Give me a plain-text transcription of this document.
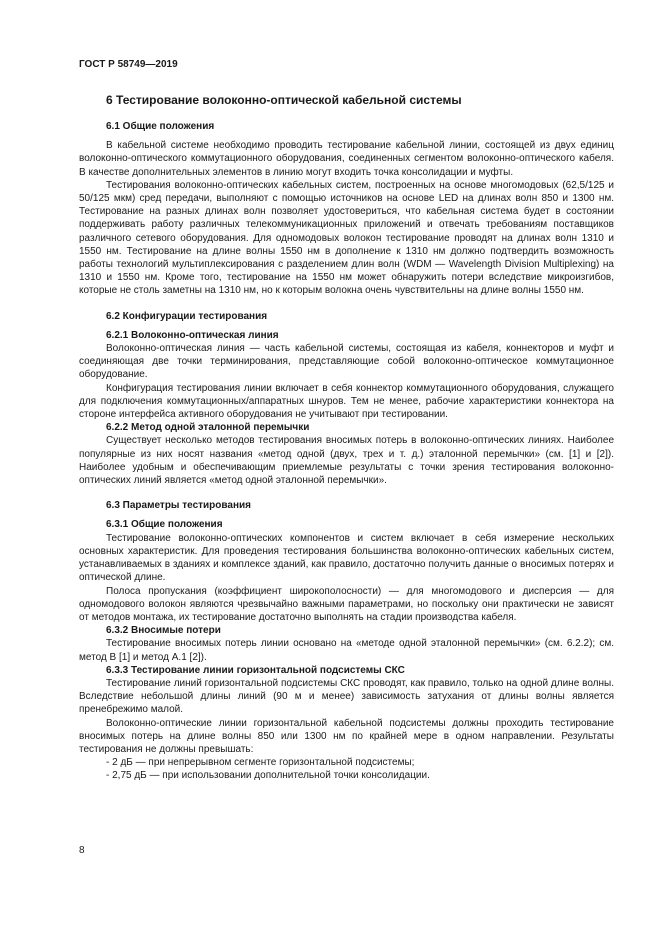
ГОСТ Р 58749—2019
6 Тестирование волоконно-оптической кабельной системы
6.1 Общие положения

В кабельной системе необходимо проводить тестирование кабельной линии, состоящей из двух единиц волоконно-оптического коммутационного оборудования, соединенных сегментом волоконно-оптического кабеля. В качестве дополнительных элементов в линию могут входить точка консолидации и муфты.

Тестирования волоконно-оптических кабельных систем, построенных на основе многомодовых (62,5/125 и 50/125 мкм) сред передачи, выполняют с помощью источников на основе LED на длинах волн 850 и 1300 нм. Тестирование на разных длинах волн позволяет удостовериться, что кабельная система будет в состоянии поддерживать работу различных телекоммуникационных приложений и отвечать требованиям поставщиков различного сетевого оборудования. Для одномодовых волокон тестирование проводят на длинах волн 1310 и 1550 нм. Тестирование на длине волны 1550 нм в дополнение к 1310 нм должно подтвердить возможность работы технологий мультиплексирования с разделением длин волн (WDM — Wavelength Division Multiplexing) на 1310 и 1550 нм. Кроме того, тестирование на 1550 нм может обнаружить потери вследствие микроизгибов, которые не столь заметны на 1310 нм, но к которым волокна очень чувствительны на длине волны 1550 нм.

6.2 Конфигурации тестирования
6.2.1 Волоконно-оптическая линия

Волоконно-оптическая линия — часть кабельной системы, состоящая из кабеля, коннекторов и муфт и соединяющая две точки терминирования, представляющие собой волоконно-оптическое коммутационное оборудование.

Конфигурация тестирования линии включает в себя коннектор коммутационного оборудования, служащего для подключения коммутационных/аппаратных шнуров. Тем не менее, рабочие характеристики коннектора на стороне интерфейса активного оборудования не учитывают при тестировании.

6.2.2 Метод одной эталонной перемычки

Существует несколько методов тестирования вносимых потерь в волоконно-оптических линиях. Наиболее популярные из них носят названия «метод одной (двух, трех и т. д.) эталонной перемычки» (см. [1] и [2]). Наиболее удобным и обеспечивающим приемлемые результаты с точки зрения тестирования волоконно-оптических линий является «метод одной эталонной перемычки».

6.3 Параметры тестирования
6.3.1 Общие положения

Тестирование волоконно-оптических компонентов и систем включает в себя измерение нескольких основных характеристик. Для проведения тестирования большинства волоконно-оптических кабельных систем, устанавливаемых в зданиях и комплексе зданий, как правило, достаточно получить данные о вносимых потерях и оптической длине.

Полоса пропускания (коэффициент широкополосности) — для многомодового и дисперсия — для одномодового волокон являются чрезвычайно важными параметрами, но поскольку они практически не зависят от методов монтажа, их тестирование достаточно выполнять на стадии производства кабеля.

6.3.2 Вносимые потери

Тестирование вносимых потерь линии основано на «методе одной эталонной перемычки» (см. 6.2.2); см. метод В [1] и метод А.1 [2]).

6.3.3 Тестирование линии горизонтальной подсистемы СКС

Тестирование линий горизонтальной подсистемы СКС проводят, как правило, только на одной длине волны. Вследствие небольшой длины линий (90 м и менее) зависимость затухания от длины волны является пренебрежимо малой.

Волоконно-оптические линии горизонтальной кабельной подсистемы должны проходить тестирование вносимых потерь на длине волны 850 или 1300 нм по крайней мере в одном направлении. Результаты тестирования не должны превышать:

- 2 дБ — при непрерывном сегменте горизонтальной подсистемы;
- 2,75 дБ — при использовании дополнительной точки консолидации.
8
